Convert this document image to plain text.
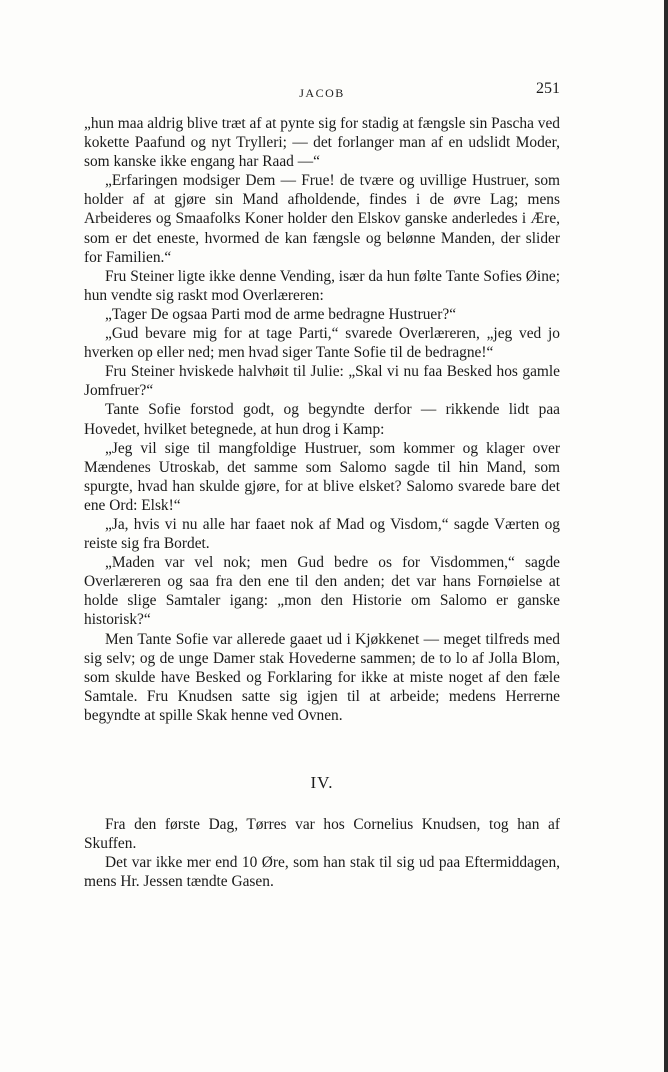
JACOB	251

„hun maa aldrig blive træt af at pynte sig for stadig at fængsle sin Pascha ved kokette Paafund og nyt Trylleri; — det forlanger man af en udslidt Moder, som kanske ikke engang har Raad —“

„Erfaringen modsiger Dem — Frue! de tvære og uvillige Hustruer, som holder af at gjøre sin Mand afholdende, findes i de øvre Lag; mens Arbeideres og Smaafolks Koner holder den Elskov ganske anderledes i Ære, som er det eneste, hvormed de kan fængsle og belønne Manden, der slider for Familien.“

Fru Steiner ligte ikke denne Vending, især da hun følte Tante Sofies Øine; hun vendte sig raskt mod Overlæreren:

„Tager De ogsaa Parti mod de arme bedragne Hustruer?“

„Gud bevare mig for at tage Parti,“ svarede Overlæreren, „jeg ved jo hverken op eller ned; men hvad siger Tante Sofie til de bedragne!“

Fru Steiner hviskede halvhøit til Julie: „Skal vi nu faa Besked hos gamle Jomfruer?“

Tante Sofie forstod godt, og begyndte derfor — rikkende lidt paa Hovedet, hvilket betegnede, at hun drog i Kamp:

„Jeg vil sige til mangfoldige Hustruer, som kommer og klager over Mændenes Utroskab, det samme som Salomo sagde til hin Mand, som spurgte, hvad han skulde gjøre, for at blive elsket? Salomo svarede bare det ene Ord: Elsk!“

„Ja, hvis vi nu alle har faaet nok af Mad og Visdom,“ sagde Værten og reiste sig fra Bordet.

„Maden var vel nok; men Gud bedre os for Visdommen,“ sagde Overlæreren og saa fra den ene til den anden; det var hans Fornøielse at holde slige Samtaler igang: „mon den Historie om Salomo er ganske historisk?“

Men Tante Sofie var allerede gaaet ud i Kjøkkenet — meget tilfreds med sig selv; og de unge Damer stak Hovederne sammen; de to lo af Jolla Blom, som skulde have Besked og Forklaring for ikke at miste noget af den fæle Samtale. Fru Knudsen satte sig igjen til at arbeide; medens Herrerne begyndte at spille Skak henne ved Ovnen.

IV.

Fra den første Dag, Tørres var hos Cornelius Knudsen, tog han af Skuffen.

Det var ikke mer end 10 Øre, som han stak til sig ud paa Eftermiddagen, mens Hr. Jessen tændte Gasen.
